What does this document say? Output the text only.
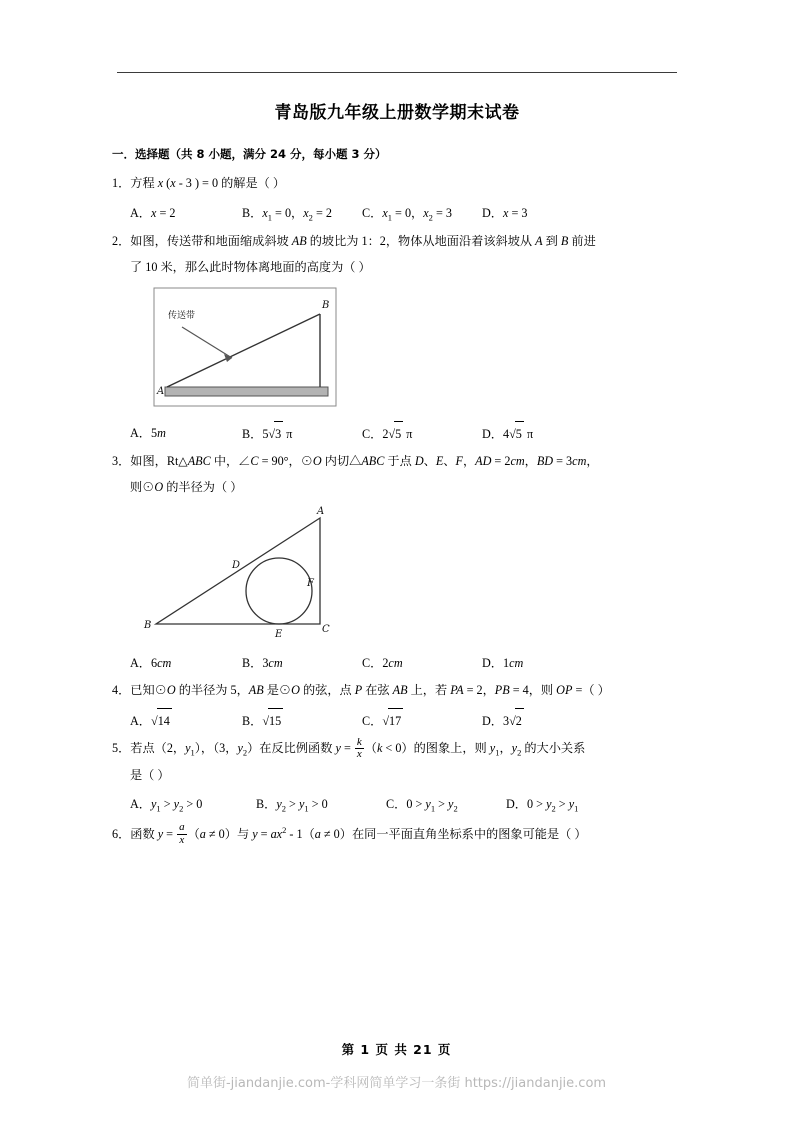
青岛版九年级上册数学期末试卷
一．选择题（共 8 小题，满分 24 分，每小题 3 分）
1．方程 x (x - 3 ) = 0 的解是（ ）
A．x = 2	B．$x_1 = 0$，$x_2 = 2$	C．$x_1 = 0$，$x_2 = 3$	D．x = 3
2．如图，传送带和地面缩成斜坡 AB 的坡比为 1：2，物体从地面沿着该斜坡从 A 到 B 前进
了 10 米，那么此时物体离地面的高度为（ ）
传送带
A
B
A．5m	B．5√3 π	C．2√5 π	D．4√5 π
3．如图，Rt△ABC 中，∠C = 90°，⊙O 内切△ABC 于点 D、E、F，AD = 2cm，BD = 3cm，
则⊙O 的半径为（ ）
A
B	C
D
E
F
A．6cm	B．3cm	C．2cm	D．1cm
4．已知⊙O 的半径为 5，AB 是⊙O 的弦，点 P 在弦 AB 上，若 PA = 2，PB = 4，则 OP =（ ）
A．√14	B．√15	C．√17	D．3√2
5．若点（2，$y_1$），（3，$y_2$）在反比例函数 $y = \frac{k}{x} (k < 0)$的图象上，则 $y_1$，$y_2$ 的大小关系
是（ ）
A．$y_1 > y_2 > 0$	B．$y_2 > y_1 > 0$	C．$0 > y_1 > y_2$	D．$0 > y_2 > y_1$
6．函数 $y = \frac{a}{x} (a \ne 0)$与 $y = ax^2 - 1(a \ne 0)$在同一平面直角坐标系中的图象可能是（ ）
第 1 页 共 21 页
简单街-jiandanjie.com-学科网简单学习一条街 https://jiandanjie.com
